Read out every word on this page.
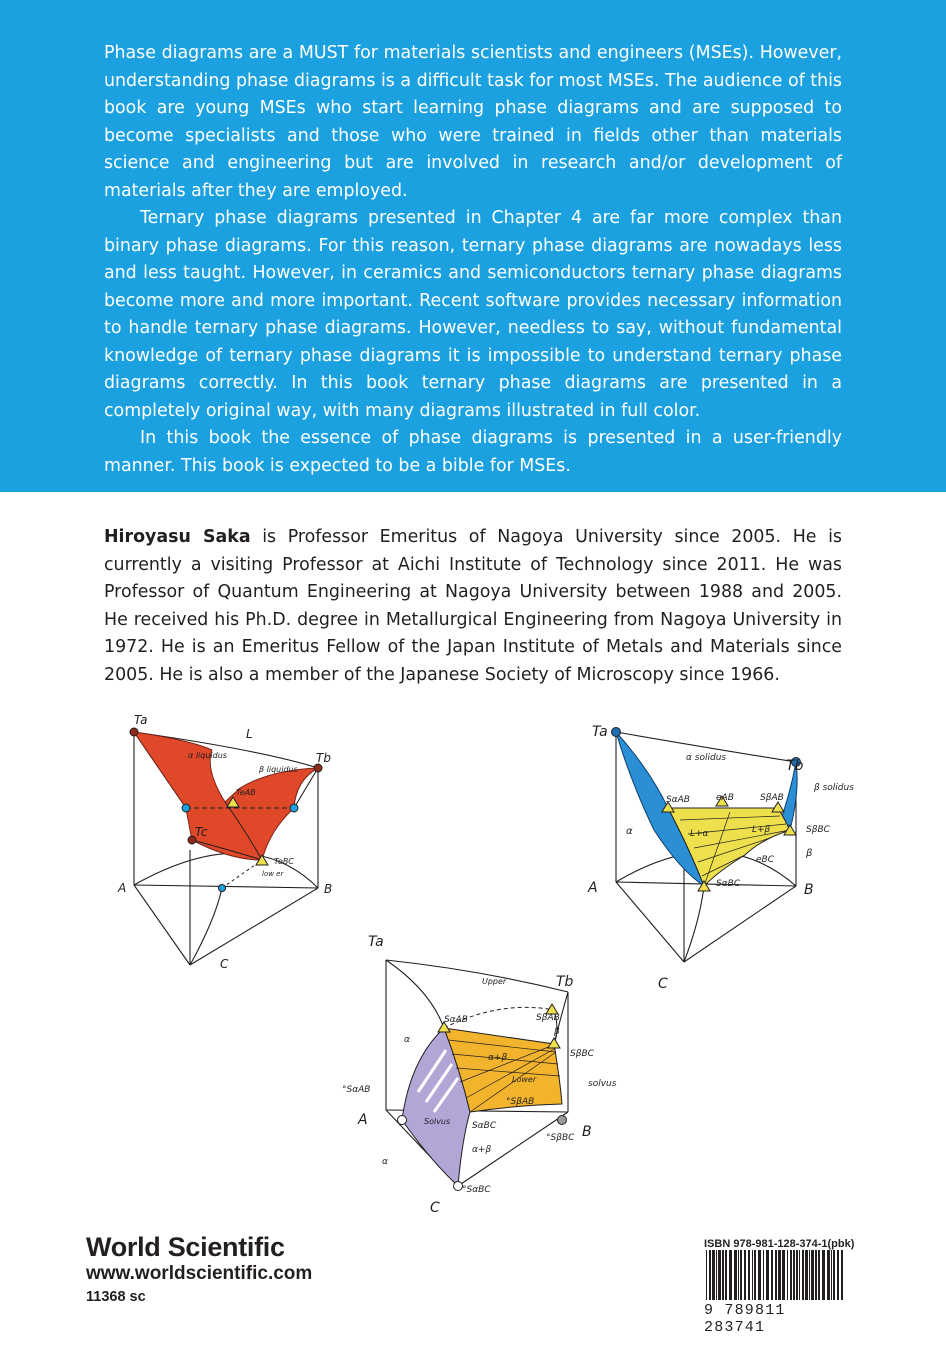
Phase diagrams are a MUST for materials scientists and engineers (MSEs). However, understanding phase diagrams is a difficult task for most MSEs. The audience of this book are young MSEs who start learning phase diagrams and are supposed to become specialists and those who were trained in fields other than materials science and engineering but are involved in research and/or development of materials after they are employed.

Ternary phase diagrams presented in Chapter 4 are far more complex than binary phase diagrams. For this reason, ternary phase diagrams are nowadays less and less taught. However, in ceramics and semiconductors ternary phase diagrams become more and more important. Recent software provides necessary information to handle ternary phase diagrams. However, needless to say, without fundamental knowledge of ternary phase diagrams it is impossible to understand ternary phase diagrams correctly. In this book ternary phase diagrams are presented in a completely original way, with many diagrams illustrated in full color.

In this book the essence of phase diagrams is presented in a user-friendly manner. This book is expected to be a bible for MSEs.

Hiroyasu Saka is Professor Emeritus of Nagoya University since 2005. He is currently a visiting Professor at Aichi Institute of Technology since 2011. He was Professor of Quantum Engineering at Nagoya University between 1988 and 2005. He received his Ph.D. degree in Metallurgical Engineering from Nagoya University in 1972. He is an Emeritus Fellow of the Japan Institute of Metals and Materials since 2005. He is also a member of the Japanese Society of Microscopy since 1966.
Ta
Tb
Tc
L
α liquidus
β liquidus
TeAB
TeBC
low er
A	B
C
Ta
Tb
α solidus
β solidus
SαAB	SβAB
eAB
L+α	L+β	SβBC
eBC
SαBC
α
β
A	B
C
Ta
Tb
Upper
Lower
SαAB	SβAB
β
SβBC
α
α+β
°SαAB
°SβAB
solvus
Solvus SαBC
α+β
°SβBC
°SαBC
α
A
B
C
World Scientific
www.worldscientific.com
11368 sc
ISBN 978-981-128-374-1(pbk)
9 789811 283741
